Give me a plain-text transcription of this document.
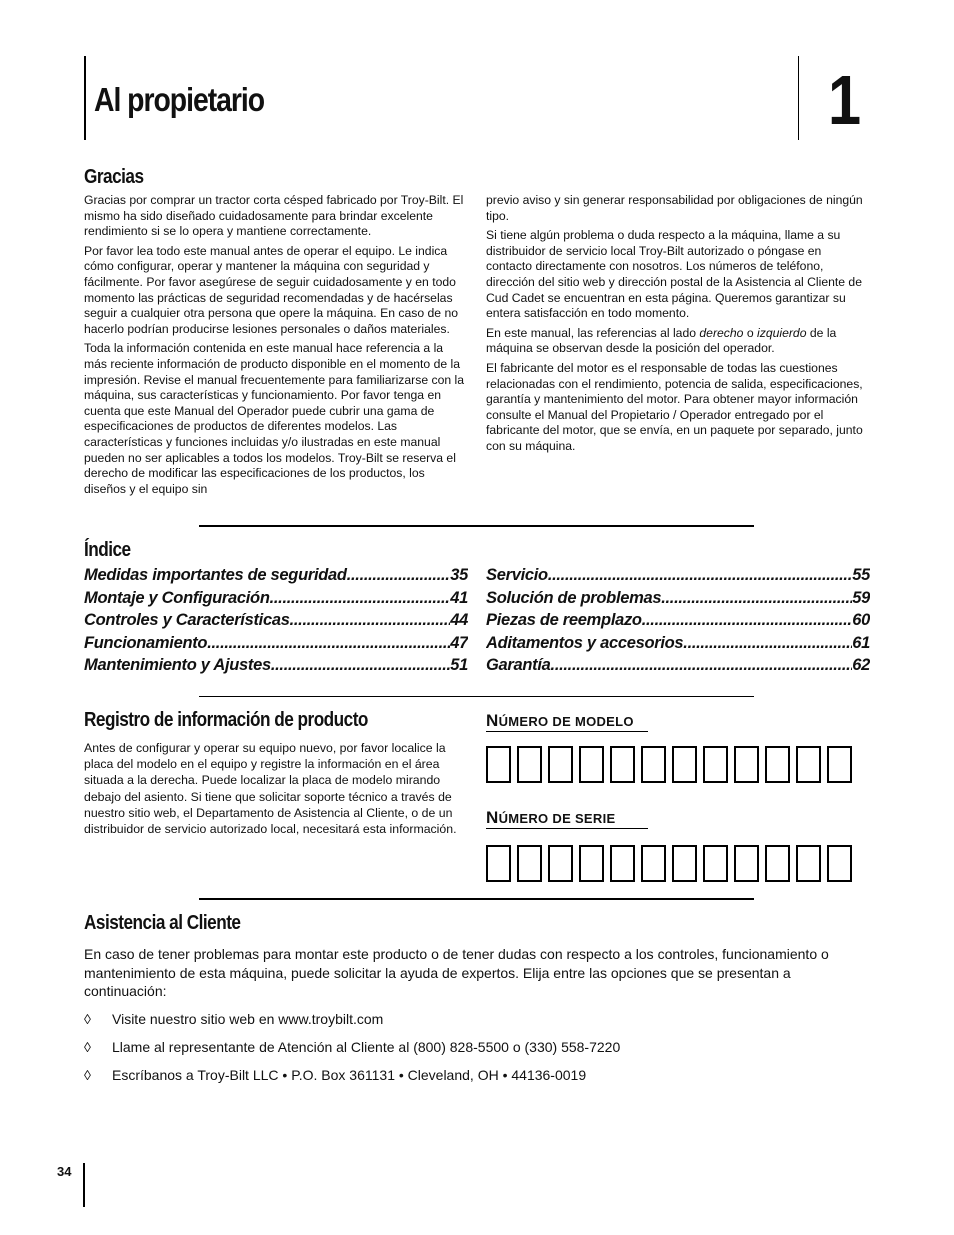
Al propietario	1
Gracias

Gracias por comprar un tractor corta césped fabricado por Troy-Bilt. El mismo ha sido diseñado cuidadosamente para brindar excelente rendimiento si se lo opera y mantiene correctamente.

Por favor lea todo este manual antes de operar el equipo. Le indica cómo configurar, operar y mantener la máquina con seguridad y fácilmente. Por favor asegúrese de seguir cuidadosamente y en todo momento las prácticas de seguridad recomendadas y de hacérselas seguir a cualquier otra persona que opere la máquina. En caso de no hacerlo podrían producirse lesiones personales o daños materiales.

Toda la información contenida en este manual hace referencia a la más reciente información de producto disponible en el momento de la impresión. Revise el manual frecuentemente para familiarizarse con la máquina, sus características y funcionamiento. Por favor tenga en cuenta que este Manual del Operador puede cubrir una gama de especificaciones de productos de diferentes modelos. Las características y funciones incluidas y/o ilustradas en este manual pueden no ser aplicables a todos los modelos. Troy-Bilt se reserva el derecho de modificar las especificaciones de los productos, los diseños y el equipo sin

previo aviso y sin generar responsabilidad por obligaciones de ningún tipo.

Si tiene algún problema o duda respecto a la máquina, llame a su distribuidor de servicio local Troy-Bilt autorizado o póngase en contacto directamente con nosotros. Los números de teléfono, dirección del sitio web y dirección postal de la Asistencia al Cliente de Cud Cadet se encuentran en esta página. Queremos garantizar su entera satisfacción en todo momento.

En este manual, las referencias al lado derecho o izquierdo de la máquina se observan desde la posición del operador.

El fabricante del motor es el responsable de todas las cuestiones relacionadas con el rendimiento, potencia de salida, especificaciones, garantía y mantenimiento del motor. Para obtener mayor información consulte el Manual del Propietario / Operador entregado por el fabricante del motor, que se envía, en un paquete por separado, junto con su máquina.

Índice
Medidas importantes de seguridad .....	35
Montaje y Configuración .....	41
Controles y Características .....	44
Funcionamiento .....	47
Mantenimiento y Ajustes .....	51
Servicio .....	55
Solución de problemas .....	59
Piezas de reemplazo .....	60
Aditamentos y accesorios .....	61
Garantía .....	62
Registro de información de producto
Antes de configurar y operar su equipo nuevo, por favor localice la placa del modelo en el equipo y registre la información en el área situada a la derecha. Puede localizar la placa de modelo mirando debajo del asiento. Si tiene que solicitar soporte técnico a través de nuestro sitio web, el Departamento de Asistencia al Cliente, o de un distribuidor de servicio autorizado local, necesitará esta información.
NÚMERO DE MODELO
NÚMERO DE SERIE
Asistencia al Cliente
En caso de tener problemas para montar este producto o de tener dudas con respecto a los controles, funcionamiento o mantenimiento de esta máquina, puede solicitar la ayuda de expertos. Elija entre las opciones que se presentan a continuación:
◊	Visite nuestro sitio web en www.troybilt.com
◊	Llame al representante de Atención al Cliente al (800) 828-5500 o (330) 558-7220
◊	Escríbanos a Troy-Bilt LLC • P.O. Box 361131 • Cleveland, OH • 44136-0019
34
